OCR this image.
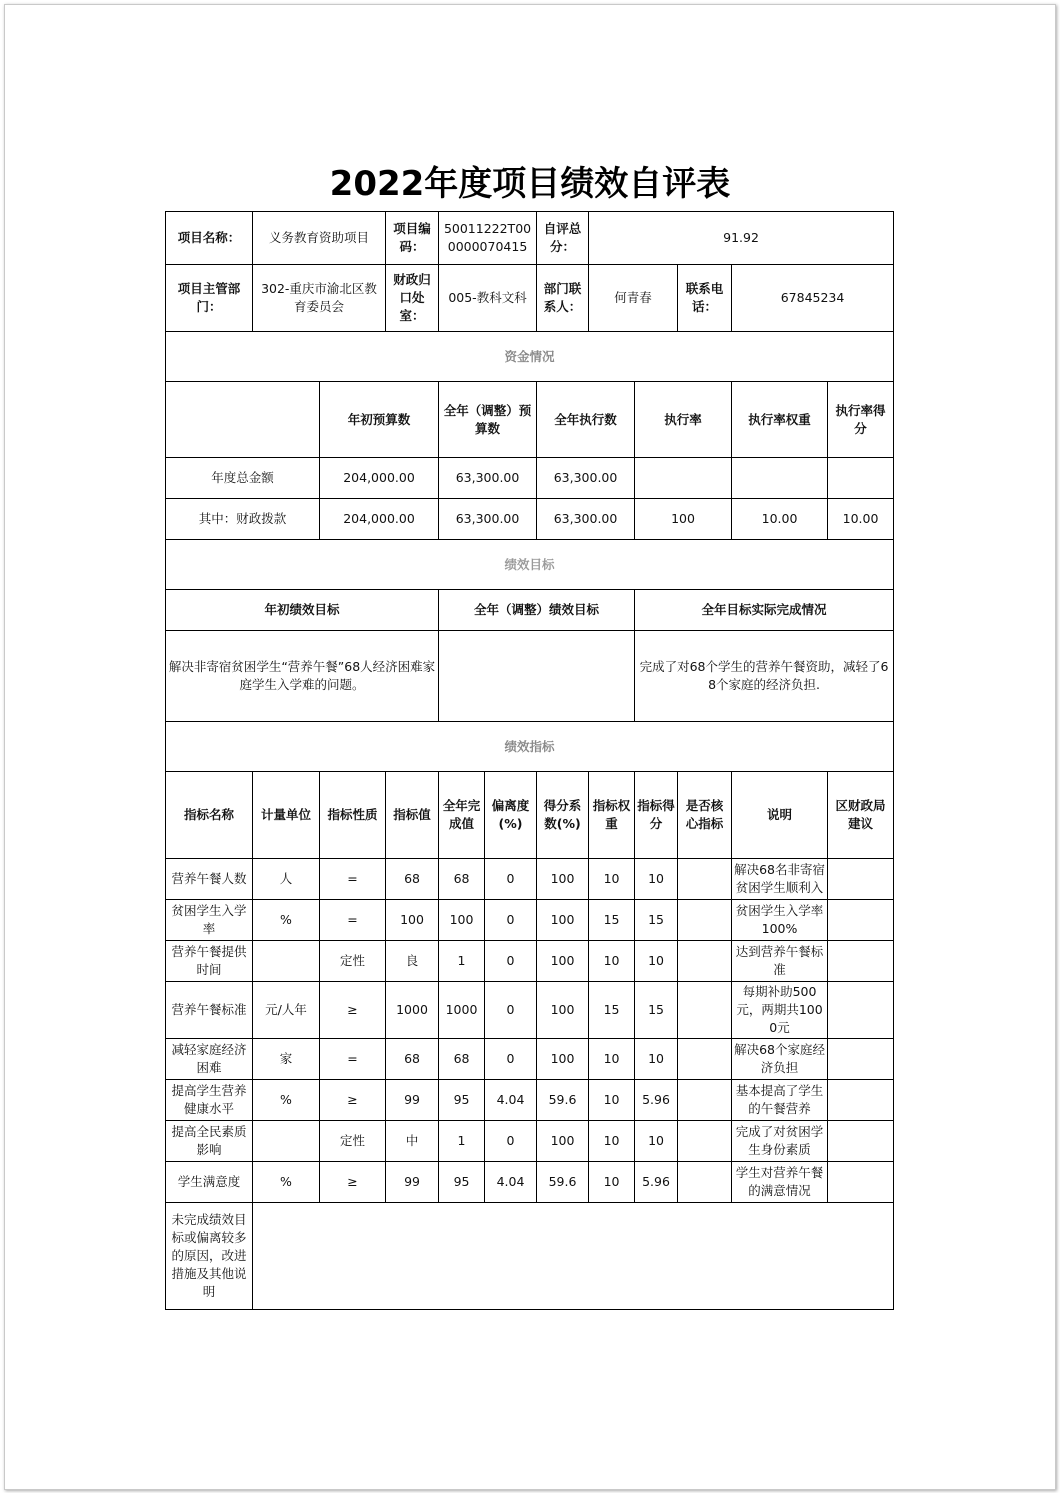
2022年度项目绩效自评表
项目名称：	义务教育资助项目		项目编码：	50011222T000000070415		自评总分：	91.92				
项目主管部门：	302-重庆市渝北区教育委员会		财政归口处室：	005-教科文科		部门联系人：	何青春		联系电话：	67845234	
资金情况											
		年初预算数		全年（调整）预算数		全年执行数		执行率		执行率权重	执行率得分
年度总金额		204,000.00		63,300.00		63,300.00					
其中：财政拨款		204,000.00		63,300.00		63,300.00		100		10.00	10.00
绩效目标											
年初绩效目标				全年（调整）绩效目标				全年目标实际完成情况			
解决非寄宿贫困学生“营养午餐”68人经济困难家庭学生入学难的问题。								完成了对68个学生的营养午餐资助，减轻了68个家庭的经济负担.			
绩效指标											
指标名称	计量单位	指标性质	指标值	全年完成值	偏离度(%)	得分系数(%)	指标权重	指标得分	是否核心指标	说明	区财政局建议
营养午餐人数	人	=	68	68	0	100	10	10		解决68名非寄宿贫困学生顺利入	
贫困学生入学率	%	=	100	100	0	100	15	15		贫困学生入学率100%	
营养午餐提供时间		定性	良	1	0	100	10	10		达到营养午餐标准	
营养午餐标准	元/人年	≥	1000	1000	0	100	15	15		每期补助500元，两期共1000元	
减轻家庭经济困难	家	=	68	68	0	100	10	10		解决68个家庭经济负担	
提高学生营养健康水平	%	≥	99	95	4.04	59.6	10	5.96		基本提高了学生的午餐营养	
提高全民素质影响		定性	中	1	0	100	10	10		完成了对贫困学生身份素质	
学生满意度	%	≥	99	95	4.04	59.6	10	5.96		学生对营养午餐的满意情况	
未完成绩效目标或偏离较多的原因，改进措施及其他说明											
